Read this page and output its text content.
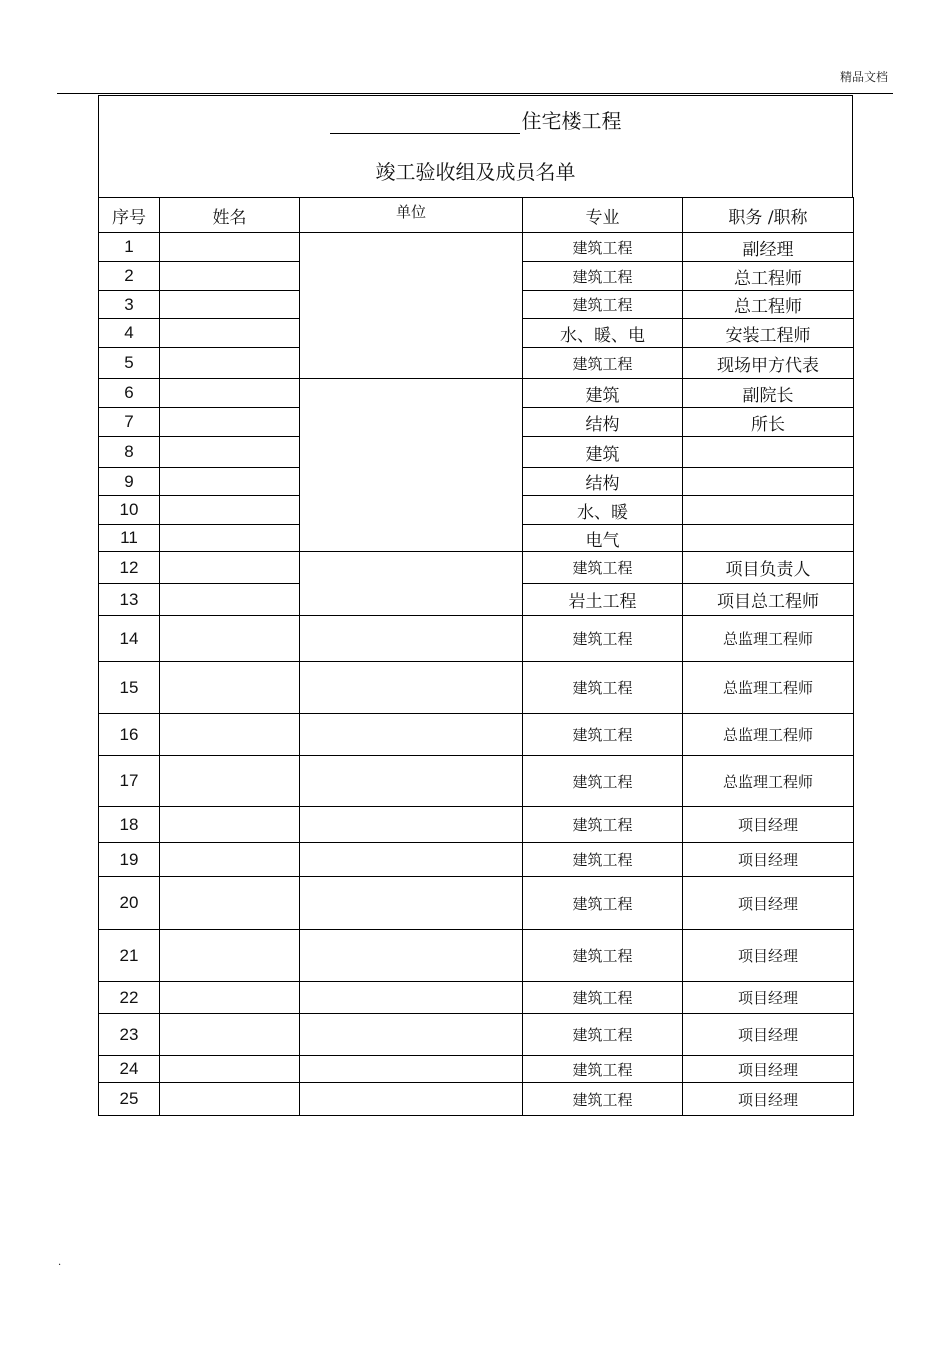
精品文档
住宅楼工程
竣工验收组及成员名单
序号	姓名	单位	专业	职务 /职称
1			建筑工程	副经理
2			建筑工程	总工程师
3			建筑工程	总工程师
4			水、暖、电	安装工程师
5			建筑工程	现场甲方代表
6			建筑	副院长
7			结构	所长
8			建筑	
9			结构	
10			水、暖	
11			电气	
12			建筑工程	项目负责人
13			岩土工程	项目总工程师
14			建筑工程	总监理工程师
15			建筑工程	总监理工程师
16			建筑工程	总监理工程师
17			建筑工程	总监理工程师
18			建筑工程	项目经理
19			建筑工程	项目经理
20			建筑工程	项目经理
21			建筑工程	项目经理
22			建筑工程	项目经理
23			建筑工程	项目经理
24			建筑工程	项目经理
25			建筑工程	项目经理
.
